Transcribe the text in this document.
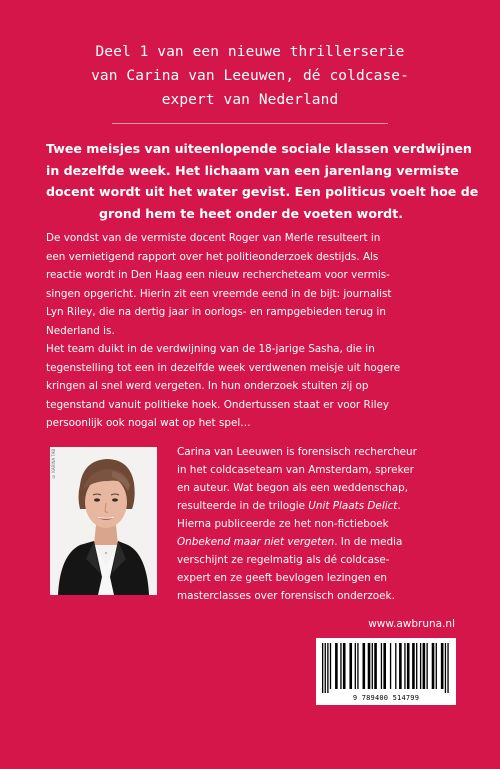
Deel 1 van een nieuwe thrillerserie
van Carina van Leeuwen, dé coldcase-
expert van Nederland
Twee meisjes van uiteenlopende sociale klassen verdwijnen
in dezelfde week. Het lichaam van een jarenlang vermiste
docent wordt uit het water gevist. Een politicus voelt hoe de
grond hem te heet onder de voeten wordt.
De vondst van de vermiste docent Roger van Merle resulteert in
een vernietigend rapport over het politieonderzoek destijds. Als
reactie wordt in Den Haag een nieuw rechercheteam voor vermis-
singen opgericht. Hierin zit een vreemde eend in de bijt: journalist
Lyn Riley, die na dertig jaar in oorlogs- en rampgebieden terug in
Nederland is.
Het team duikt in de verdwijning van de 18-jarige Sasha, die in
tegenstelling tot een in dezelfde week verdwenen meisje uit hogere
kringen al snel werd vergeten. In hun onderzoek stuiten zij op
tegenstand vanuit politieke hoek. Ondertussen staat er voor Riley
persoonlijk ook nogal wat op het spel…
© KARINA TAB	Carina van Leeuwen is forensisch rechercheur
in het coldcaseteam van Amsterdam, spreker
en auteur. Wat begon als een weddenschap,
resulteerde in de trilogie Unit Plaats Delict.
Hierna publiceerde ze het non-fictieboek
Onbekend maar niet vergeten. In de media
verschijnt ze regelmatig als dé coldcase-
expert en ze geeft bevlogen lezingen en
masterclasses over forensisch onderzoek.
www.awbruna.nl
9 789400 514799
